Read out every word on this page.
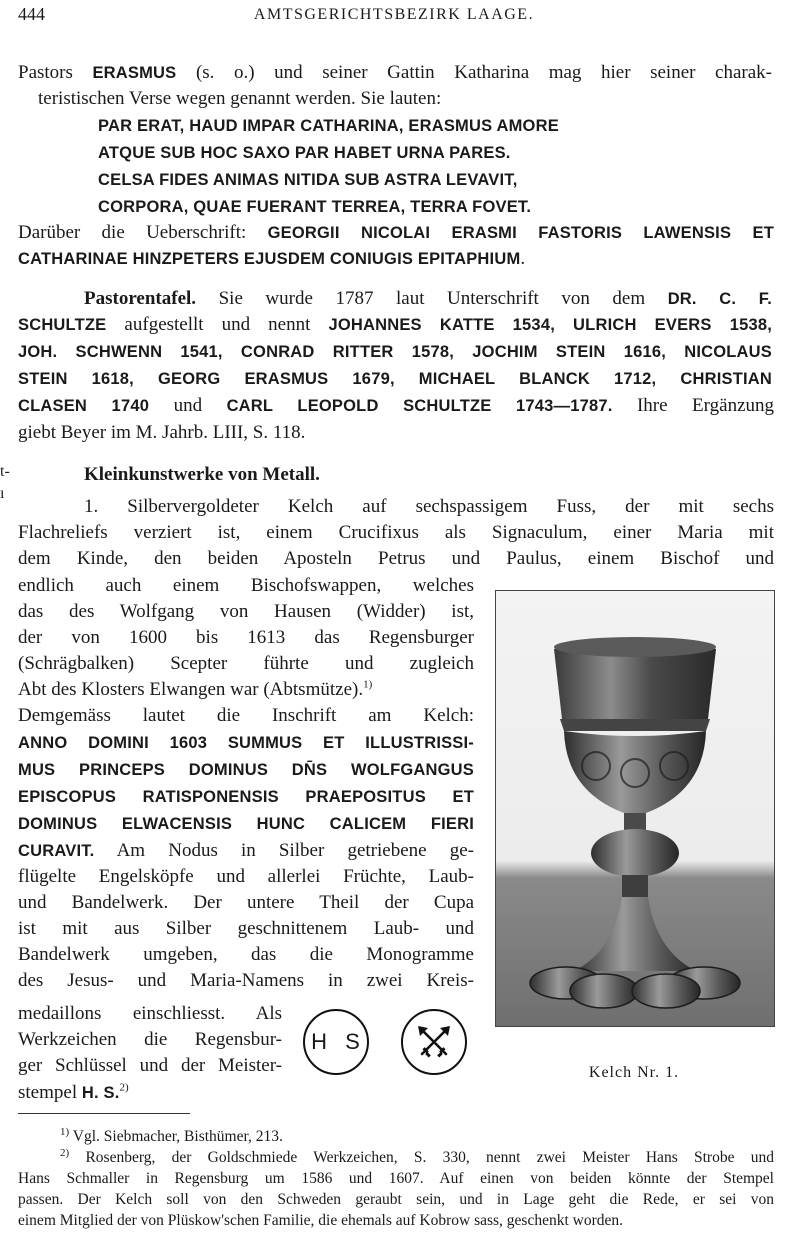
444	AMTSGERICHTSBEZIRK LAAGE.
t-
ı
Pastors ERASMUS (s. o.) und seiner Gattin Katharina mag hier seiner charak-
teristischen Verse wegen genannt werden. Sie lauten:
PAR ERAT, HAUD IMPAR CATHARINA, ERASMUS AMORE
ATQUE SUB HOC SAXO PAR HABET URNA PARES.
CELSA FIDES ANIMAS NITIDA SUB ASTRA LEVAVIT,
CORPORA, QUAE FUERANT TERREA, TERRA FOVET.
Darüber die Ueberschrift: GEORGII NICOLAI ERASMI FASTORIS LAWENSIS ET
CATHARINAE HINZPETERS EJUSDEM CONIUGIS EPITAPHIUM.
Pastorentafel. Sie wurde 1787 laut Unterschrift von dem DR. C. F.
SCHULTZE aufgestellt und nennt JOHANNES KATTE 1534, ULRICH EVERS 1538,
JOH. SCHWENN 1541, CONRAD RITTER 1578, JOCHIM STEIN 1616, NICOLAUS
STEIN 1618, GEORG ERASMUS 1679, MICHAEL BLANCK 1712, CHRISTIAN
CLASEN 1740 und CARL LEOPOLD SCHULTZE 1743—1787. Ihre Ergänzung
giebt Beyer im M. Jahrb. LIII, S. 118.
Kleinkunstwerke von Metall.
1. Silbervergoldeter Kelch auf sechspassigem Fuss, der mit sechs
Flachreliefs verziert ist, einem Crucifixus als Signaculum, einer Maria mit
dem Kinde, den beiden Aposteln Petrus und Paulus, einem Bischof und
endlich auch einem Bischofswappen, welches
das des Wolfgang von Hausen (Widder) ist,
der von 1600 bis 1613 das Regensburger
(Schrägbalken) Scepter führte und zugleich
Abt des Klosters Elwangen war (Abtsmütze).$^{1)}$
Demgemäss lautet die Inschrift am Kelch:
ANNO DOMINI 1603 SUMMUS ET ILLUSTRISSI-
MUS PRINCEPS DOMINUS DN̄S WOLFGANGUS
EPISCOPUS RATISPONENSIS PRAEPOSITUS ET
DOMINUS ELWACENSIS HUNC CALICEM FIERI
CURAVIT. Am Nodus in Silber getriebene ge-
flügelte Engelsköpfe und allerlei Früchte, Laub-
und Bandelwerk. Der untere Theil der Cupa
ist mit aus Silber geschnittenem Laub- und
Bandelwerk umgeben, das die Monogramme
des Jesus- und Maria-Namens in zwei Kreis-
medaillons einschliesst. Als
Werkzeichen die Regensbur-
ger Schlüssel und der Meister-
stempel H. S.$^{2)}$
H S
Kelch Nr. 1.
$^{1)}$ Vgl. Siebmacher, Bisthümer, 213.
$^{2)}$ Rosenberg, der Goldschmiede Werkzeichen, S. 330, nennt zwei Meister Hans Strobe und
Hans Schmaller in Regensburg um 1586 und 1607. Auf einen von beiden könnte der Stempel
passen. Der Kelch soll von den Schweden geraubt sein, und in Lage geht die Rede, er sei von
einem Mitglied der von Plüskow'schen Familie, die ehemals auf Kobrow sass, geschenkt worden.
